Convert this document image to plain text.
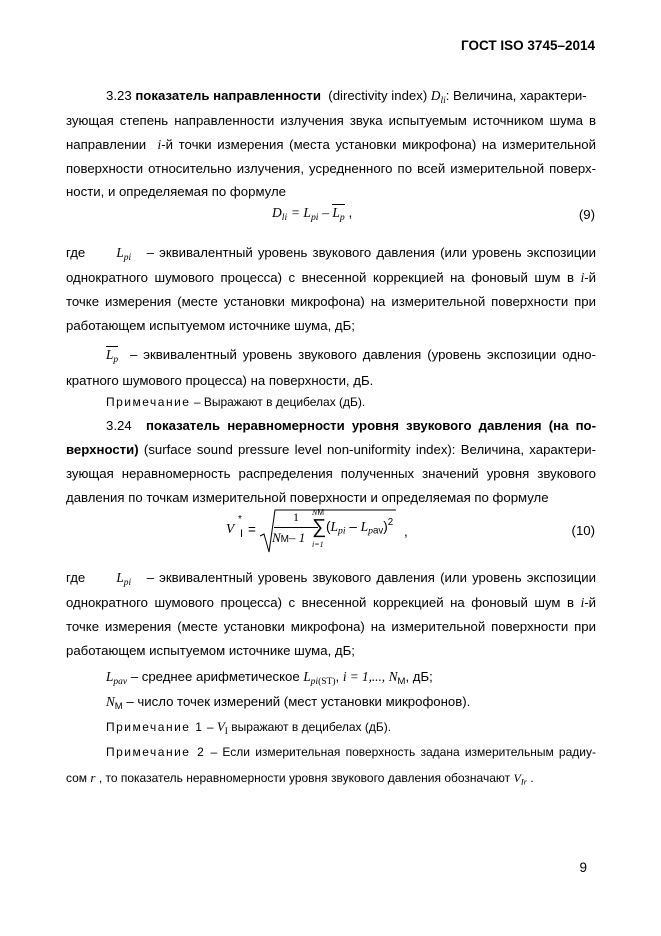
ГОСТ ISO 3745–2014
3.23 показатель направленности (directivity index) $D_{li}$: Величина, характери-
зующая степень направленности излучения звука испытуемым источником шума в
направлении i-й точки измерения (места установки микрофона) на измерительной
поверхности относительно излучения, усредненного по всей измерительной поверх-
ности, и определяемая по формуле
$D_{li} = L_{pi} - L_p$ ,	(9)
где $L_{pi}$ – эквивалентный уровень звукового давления (или уровень экспозиции
однократного шумового процесса) с внесенной коррекцией на фоновый шум в i-й
точке измерения (месте установки микрофона) на измерительной поверхности при
работающем испытуемом источнике шума, дБ;
$L_p$ – эквивалентный уровень звукового давления (уровень экспозиции одно-
кратного шумового процесса) на поверхности, дБ.
Примечание – Выражают в децибелах (дБ).
3.24 показатель неравномерности уровня звукового давления (на по-
верхности) (surface sound pressure level non-uniformity index): Величина, характери-
зующая неравномерность распределения полученных значений уровня звукового
давления по точкам измерительной поверхности и определяемая по формуле
V
*
I =
1
NM– 1
NM
∑
i=1
$(L_{pi} - L_{pav})^2$
,	(10)
где $L_{pi}$ – эквивалентный уровень звукового давления (или уровень экспозиции
однократного шумового процесса) с внесенной коррекцией на фоновый шум в i-й
точке измерения (месте установки микрофона) на измерительной поверхности при
работающем испытуемом источнике шума, дБ;
$L_{pav}$ – среднее арифметическое $L_{pi(ST)}$, i = 1,..., $N_M$, дБ;
$N_M$ – число точек измерений (мест установки микрофонов).
Примечание $1 - V_I$ выражают в децибелах (дБ).
Примечание 2 – Если измерительная поверхность задана измерительным радиу-
сом r , то показатель неравномерности уровня звукового давления обозначают $V_{Ir}$ .
9
